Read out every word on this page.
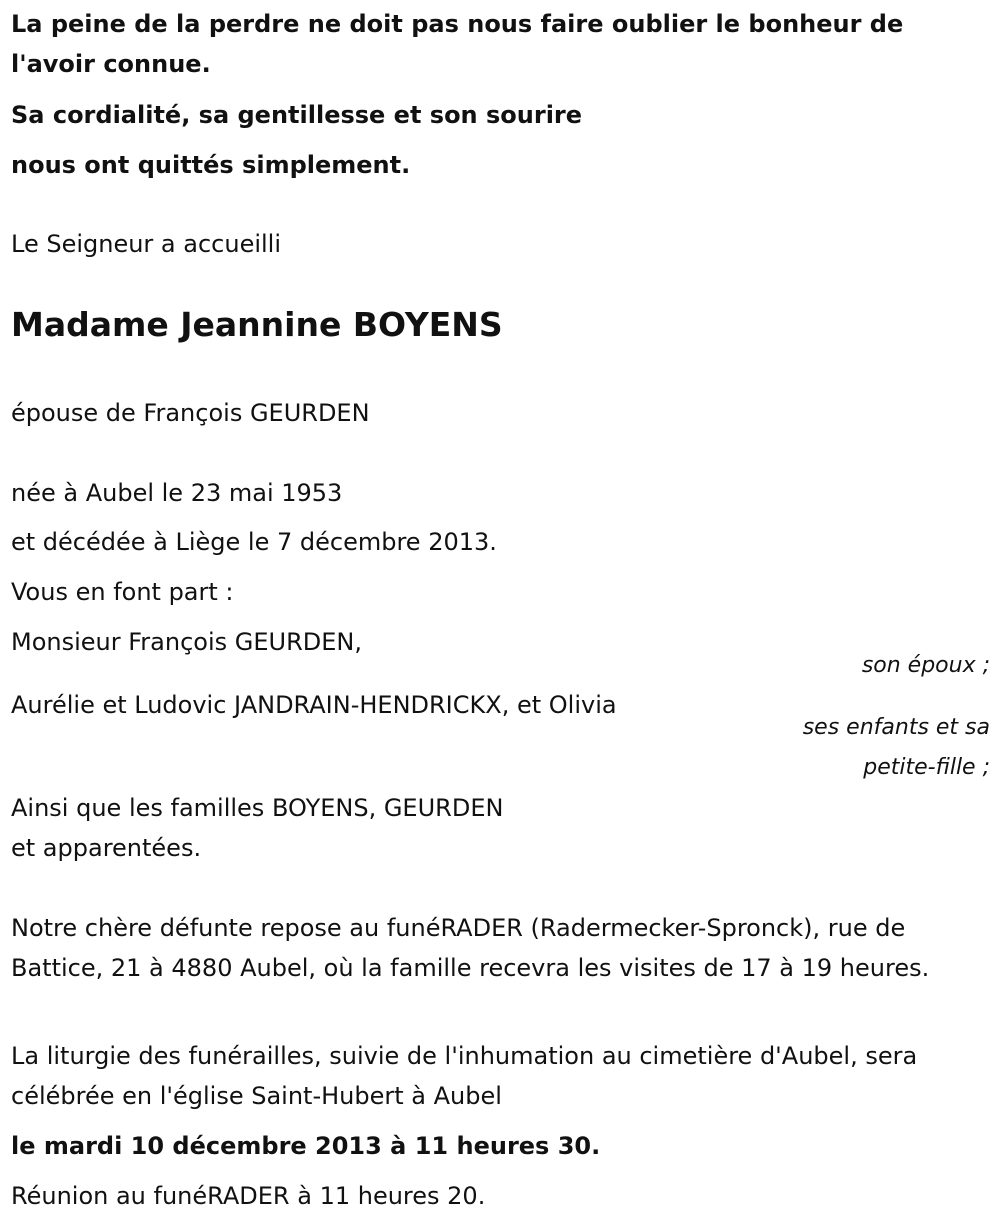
La peine de la perdre ne doit pas nous faire oublier le bonheur de l'avoir connue.

Sa cordialité, sa gentillesse et son sourire

nous ont quittés simplement.

Le Seigneur a accueilli

Madame Jeannine BOYENS

épouse de François GEURDEN

née à Aubel le 23 mai 1953

et décédée à Liège le 7 décembre 2013.

Vous en font part :

Monsieur François GEURDEN,

son époux ;

Aurélie et Ludovic JANDRAIN-HENDRICKX, et Olivia

ses enfants et sa

petite-fille ;

Ainsi que les familles BOYENS, GEURDEN

et apparentées.

Notre chère défunte repose au funéRADER (Radermecker-Spronck), rue de Battice, 21 à 4880 Aubel, où la famille recevra les visites de 17 à 19 heures.

La liturgie des funérailles, suivie de l'inhumation au cimetière d'Aubel, sera célébrée en l'église Saint-Hubert à Aubel

le mardi 10 décembre 2013 à 11 heures 30.

Réunion au funéRADER à 11 heures 20.
